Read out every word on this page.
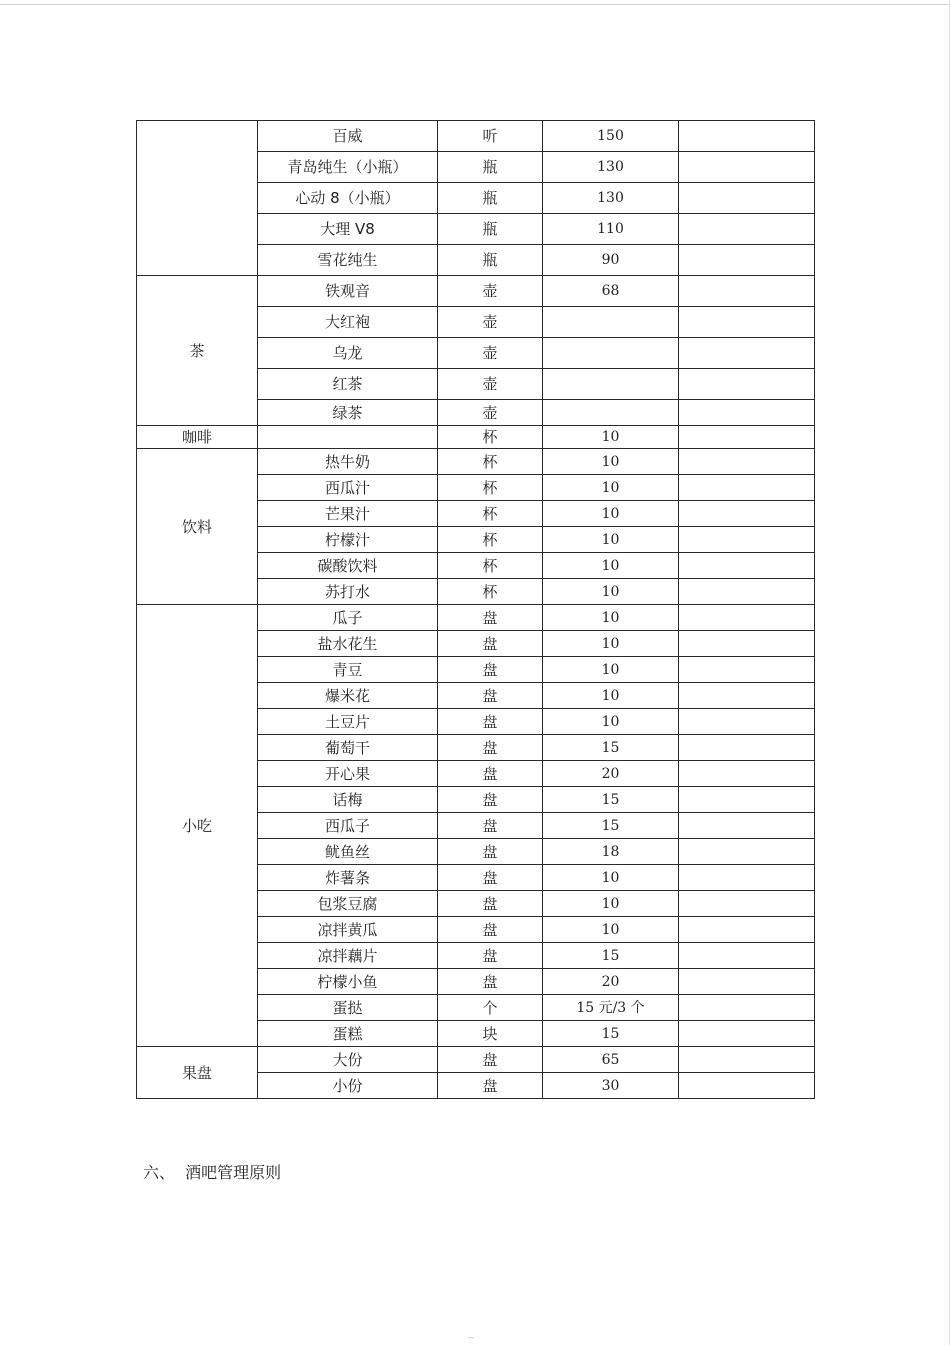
	百威	听	150	
	青岛纯生（小瓶）	瓶	130	
	心动 8（小瓶）	瓶	130	
	大理 V8	瓶	110	
	雪花纯生	瓶	90	
茶	铁观音	壶	68	
	大红袍	壶		
	乌龙	壶		
	红茶	壶		
	绿茶	壶		
咖啡		杯	10	
饮料	热牛奶	杯	10	
	西瓜汁	杯	10	
	芒果汁	杯	10	
	柠檬汁	杯	10	
	碳酸饮料	杯	10	
	苏打水	杯	10	
小吃	瓜子	盘	10	
	盐水花生	盘	10	
	青豆	盘	10	
	爆米花	盘	10	
	土豆片	盘	10	
	葡萄干	盘	15	
	开心果	盘	20	
	话梅	盘	15	
	西瓜子	盘	15	
	鱿鱼丝	盘	18	
	炸薯条	盘	10	
	包浆豆腐	盘	10	
	凉拌黄瓜	盘	10	
	凉拌藕片	盘	15	
	柠檬小鱼	盘	20	
	蛋挞	个	15 元/3 个	
	蛋糕	块	15	
果盘	大份	盘	65	
	小份	盘	30	
六、  酒吧管理原则
--
